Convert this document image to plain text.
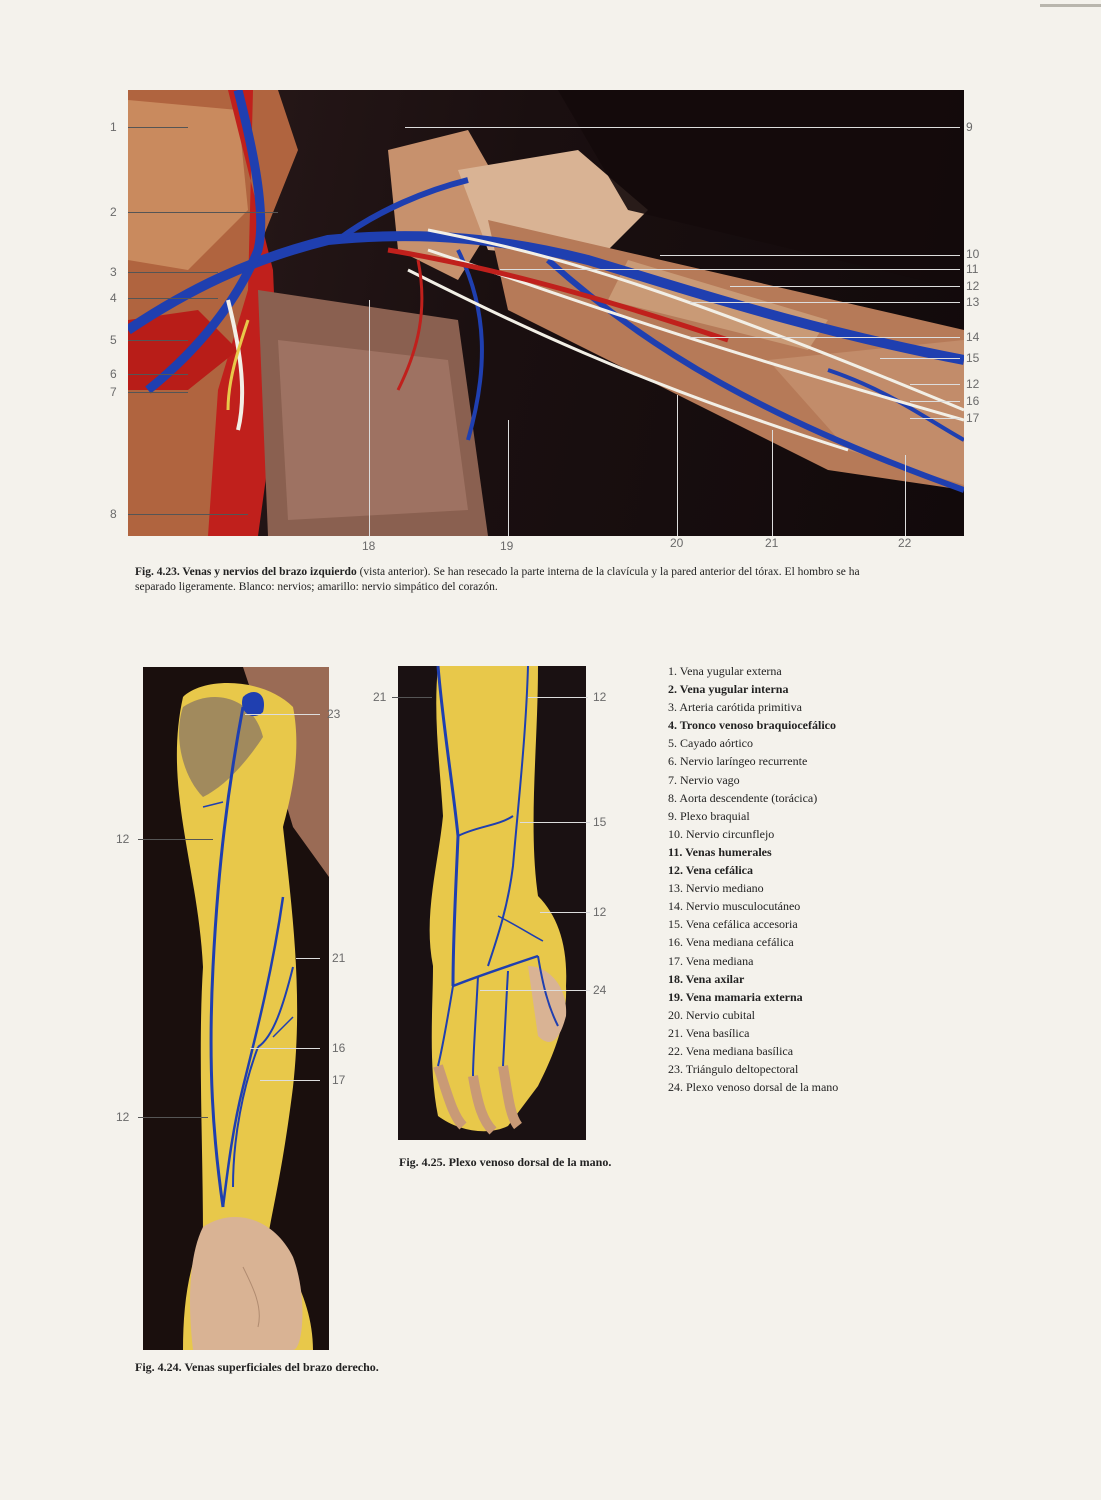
1
2
3
4
5
6
7
8
9
10
11
12
13
14
15
12
16
17
18	19	20	21	22
Fig. 4.23. Venas y nervios del brazo izquierdo (vista anterior). Se han resecado la parte interna de la clavícula y la pared anterior del tórax. El hombro se ha separado ligeramente. Blanco: nervios; amarillo: nervio simpático del corazón.
23
12
21
16
17
12
Fig. 4.24. Venas superficiales del brazo derecho.
21	12
15
12
24
Fig. 4.25. Plexo venoso dorsal de la mano.
1. Vena yugular externa
2. Vena yugular interna
3. Arteria carótida primitiva
4. Tronco venoso braquiocefálico
5. Cayado aórtico
6. Nervio laríngeo recurrente
7. Nervio vago
8. Aorta descendente (torácica)
9. Plexo braquial
10. Nervio circunflejo
11. Venas humerales
12. Vena cefálica
13. Nervio mediano
14. Nervio musculocutáneo
15. Vena cefálica accesoria
16. Vena mediana cefálica
17. Vena mediana
18. Vena axilar
19. Vena mamaria externa
20. Nervio cubital
21. Vena basílica
22. Vena mediana basílica
23. Triángulo deltopectoral
24. Plexo venoso dorsal de la mano
